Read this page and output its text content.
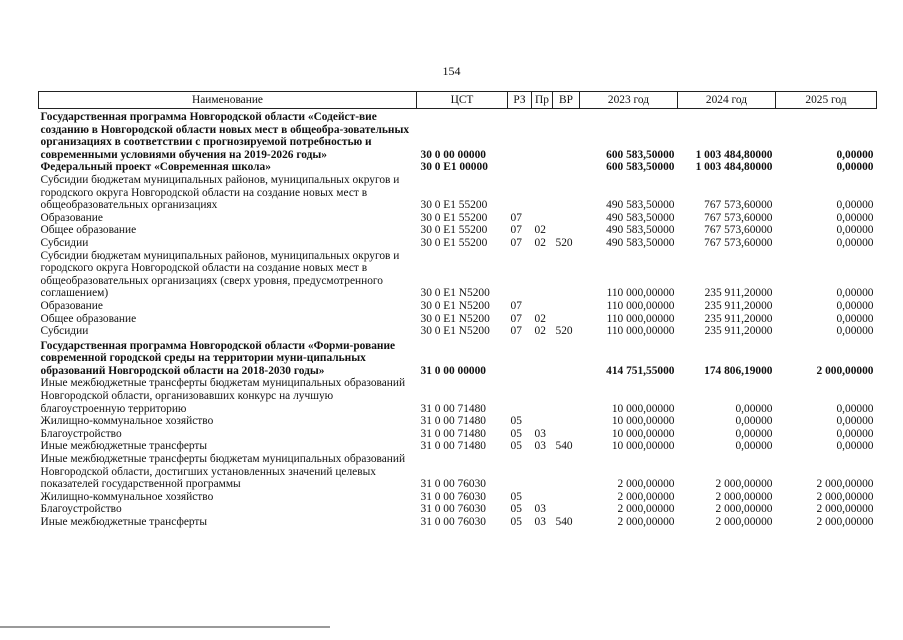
154
Наименование	ЦСТ	РЗ	Пр	ВР	2023 год	2024 год	2025 год
Государственная программа Новгородской области «Содейст-вие созданию в Новгородской области новых мест в общеобра-зовательных организациях в соответствии с прогнозируемой потребностью и современными условиями обучения на 2019-2026 годы»	30 0 00 00000				600 583,50000	1 003 484,80000	0,00000
Федеральный проект «Современная школа»	30 0 E1 00000				600 583,50000	1 003 484,80000	0,00000
Субсидии бюджетам муниципальных районов, муниципальных округов и городского округа Новгородской области на создание новых мест в общеобразовательных организациях	30 0 E1 55200				490 583,50000	767 573,60000	0,00000
Образование	30 0 E1 55200	07			490 583,50000	767 573,60000	0,00000
Общее образование	30 0 E1 55200	07	02		490 583,50000	767 573,60000	0,00000
Субсидии	30 0 E1 55200	07	02	520	490 583,50000	767 573,60000	0,00000
Субсидии бюджетам муниципальных районов, муниципальных округов и городского округа Новгородской области на создание новых мест в общеобразовательных организациях (сверх уровня, предусмотренного соглашением)	30 0 E1 N5200				110 000,00000	235 911,20000	0,00000
Образование	30 0 E1 N5200	07			110 000,00000	235 911,20000	0,00000
Общее образование	30 0 E1 N5200	07	02		110 000,00000	235 911,20000	0,00000
Субсидии	30 0 E1 N5200	07	02	520	110 000,00000	235 911,20000	0,00000
Государственная программа Новгородской области «Форми-рование современной городской среды на территории муни-ципальных образований Новгородской области на 2018-2030 годы»	31 0 00 00000				414 751,55000	174 806,19000	2 000,00000
Иные межбюджетные трансферты бюджетам муниципальных образований Новгородской области, организовавших конкурс на лучшую благоустроенную территорию	31 0 00 71480				10 000,00000	0,00000	0,00000
Жилищно-коммунальное хозяйство	31 0 00 71480	05			10 000,00000	0,00000	0,00000
Благоустройство	31 0 00 71480	05	03		10 000,00000	0,00000	0,00000
Иные межбюджетные трансферты	31 0 00 71480	05	03	540	10 000,00000	0,00000	0,00000
Иные межбюджетные трансферты бюджетам муниципальных образований Новгородской области, достигших установленных значений целевых показателей государственной программы	31 0 00 76030				2 000,00000	2 000,00000	2 000,00000
Жилищно-коммунальное хозяйство	31 0 00 76030	05			2 000,00000	2 000,00000	2 000,00000
Благоустройство	31 0 00 76030	05	03		2 000,00000	2 000,00000	2 000,00000
Иные межбюджетные трансферты	31 0 00 76030	05	03	540	2 000,00000	2 000,00000	2 000,00000
